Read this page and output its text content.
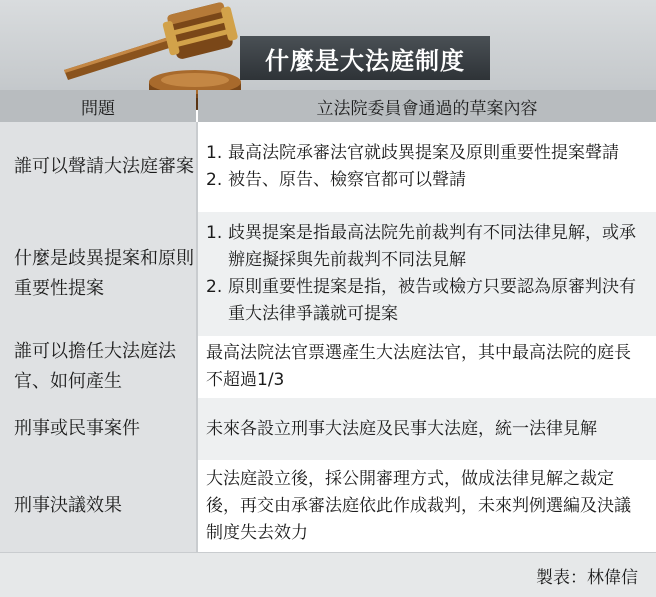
什麼是大法庭制度
問題	立法院委員會通過的草案內容
誰可以聲請大法庭審案
1. 最高法院承審法官就歧異提案及原則重要性提案聲請
2. 被告、原告、檢察官都可以聲請
什麼是歧異提案和原則重要性提案
1. 歧異提案是指最高法院先前裁判有不同法律見解，或承辦庭擬採與先前裁判不同法見解
2. 原則重要性提案是指，被告或檢方只要認為原審判決有重大法律爭議就可提案
誰可以擔任大法庭法官、如何產生
最高法院法官票選產生大法庭法官，其中最高法院的庭長不超過1/3
刑事或民事案件	未來各設立刑事大法庭及民事大法庭，統一法律見解
刑事決議效果
大法庭設立後，採公開審理方式，做成法律見解之裁定後，再交由承審法庭依此作成裁判，未來判例選編及決議制度失去效力
製表：林偉信
